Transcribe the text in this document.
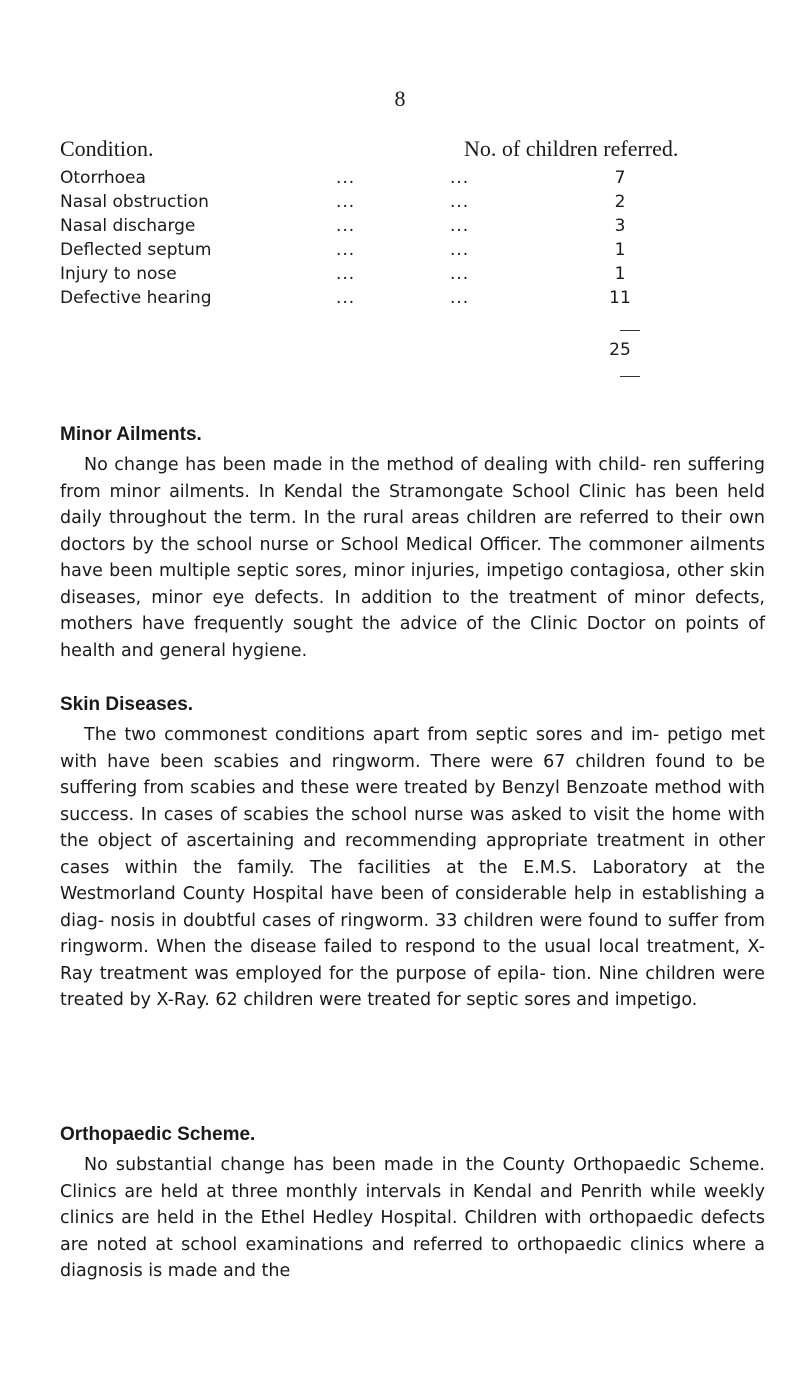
8
Condition.	No. of children referred.
Otorrhoea	...	...	7
Nasal obstruction	...	...	2
Nasal discharge	...	...	3
Deflected septum	...	...	1
Injury to nose	...	...	1
Defective hearing	...	...	11
25
Minor Ailments.

No change has been made in the method of dealing with child- ren suffering from minor ailments. In Kendal the Stramongate School Clinic has been held daily throughout the term. In the rural areas children are referred to their own doctors by the school nurse or School Medical Officer. The commoner ailments have been multiple septic sores, minor injuries, impetigo contagiosa, other skin diseases, minor eye defects. In addition to the treatment of minor defects, mothers have frequently sought the advice of the Clinic Doctor on points of health and general hygiene.

Skin Diseases.

The two commonest conditions apart from septic sores and im- petigo met with have been scabies and ringworm. There were 67 children found to be suffering from scabies and these were treated by Benzyl Benzoate method with success. In cases of scabies the school nurse was asked to visit the home with the object of ascertaining and recommending appropriate treatment in other cases within the family. The facilities at the E.M.S. Laboratory at the Westmorland County Hospital have been of considerable help in establishing a diag- nosis in doubtful cases of ringworm. 33 children were found to suffer from ringworm. When the disease failed to respond to the usual local treatment, X-Ray treatment was employed for the purpose of epila- tion. Nine children were treated by X-Ray. 62 children were treated for septic sores and impetigo.

Orthopaedic Scheme.

No substantial change has been made in the County Orthopaedic Scheme. Clinics are held at three monthly intervals in Kendal and Penrith while weekly clinics are held in the Ethel Hedley Hospital. Children with orthopaedic defects are noted at school examinations and referred to orthopaedic clinics where a diagnosis is made and the
